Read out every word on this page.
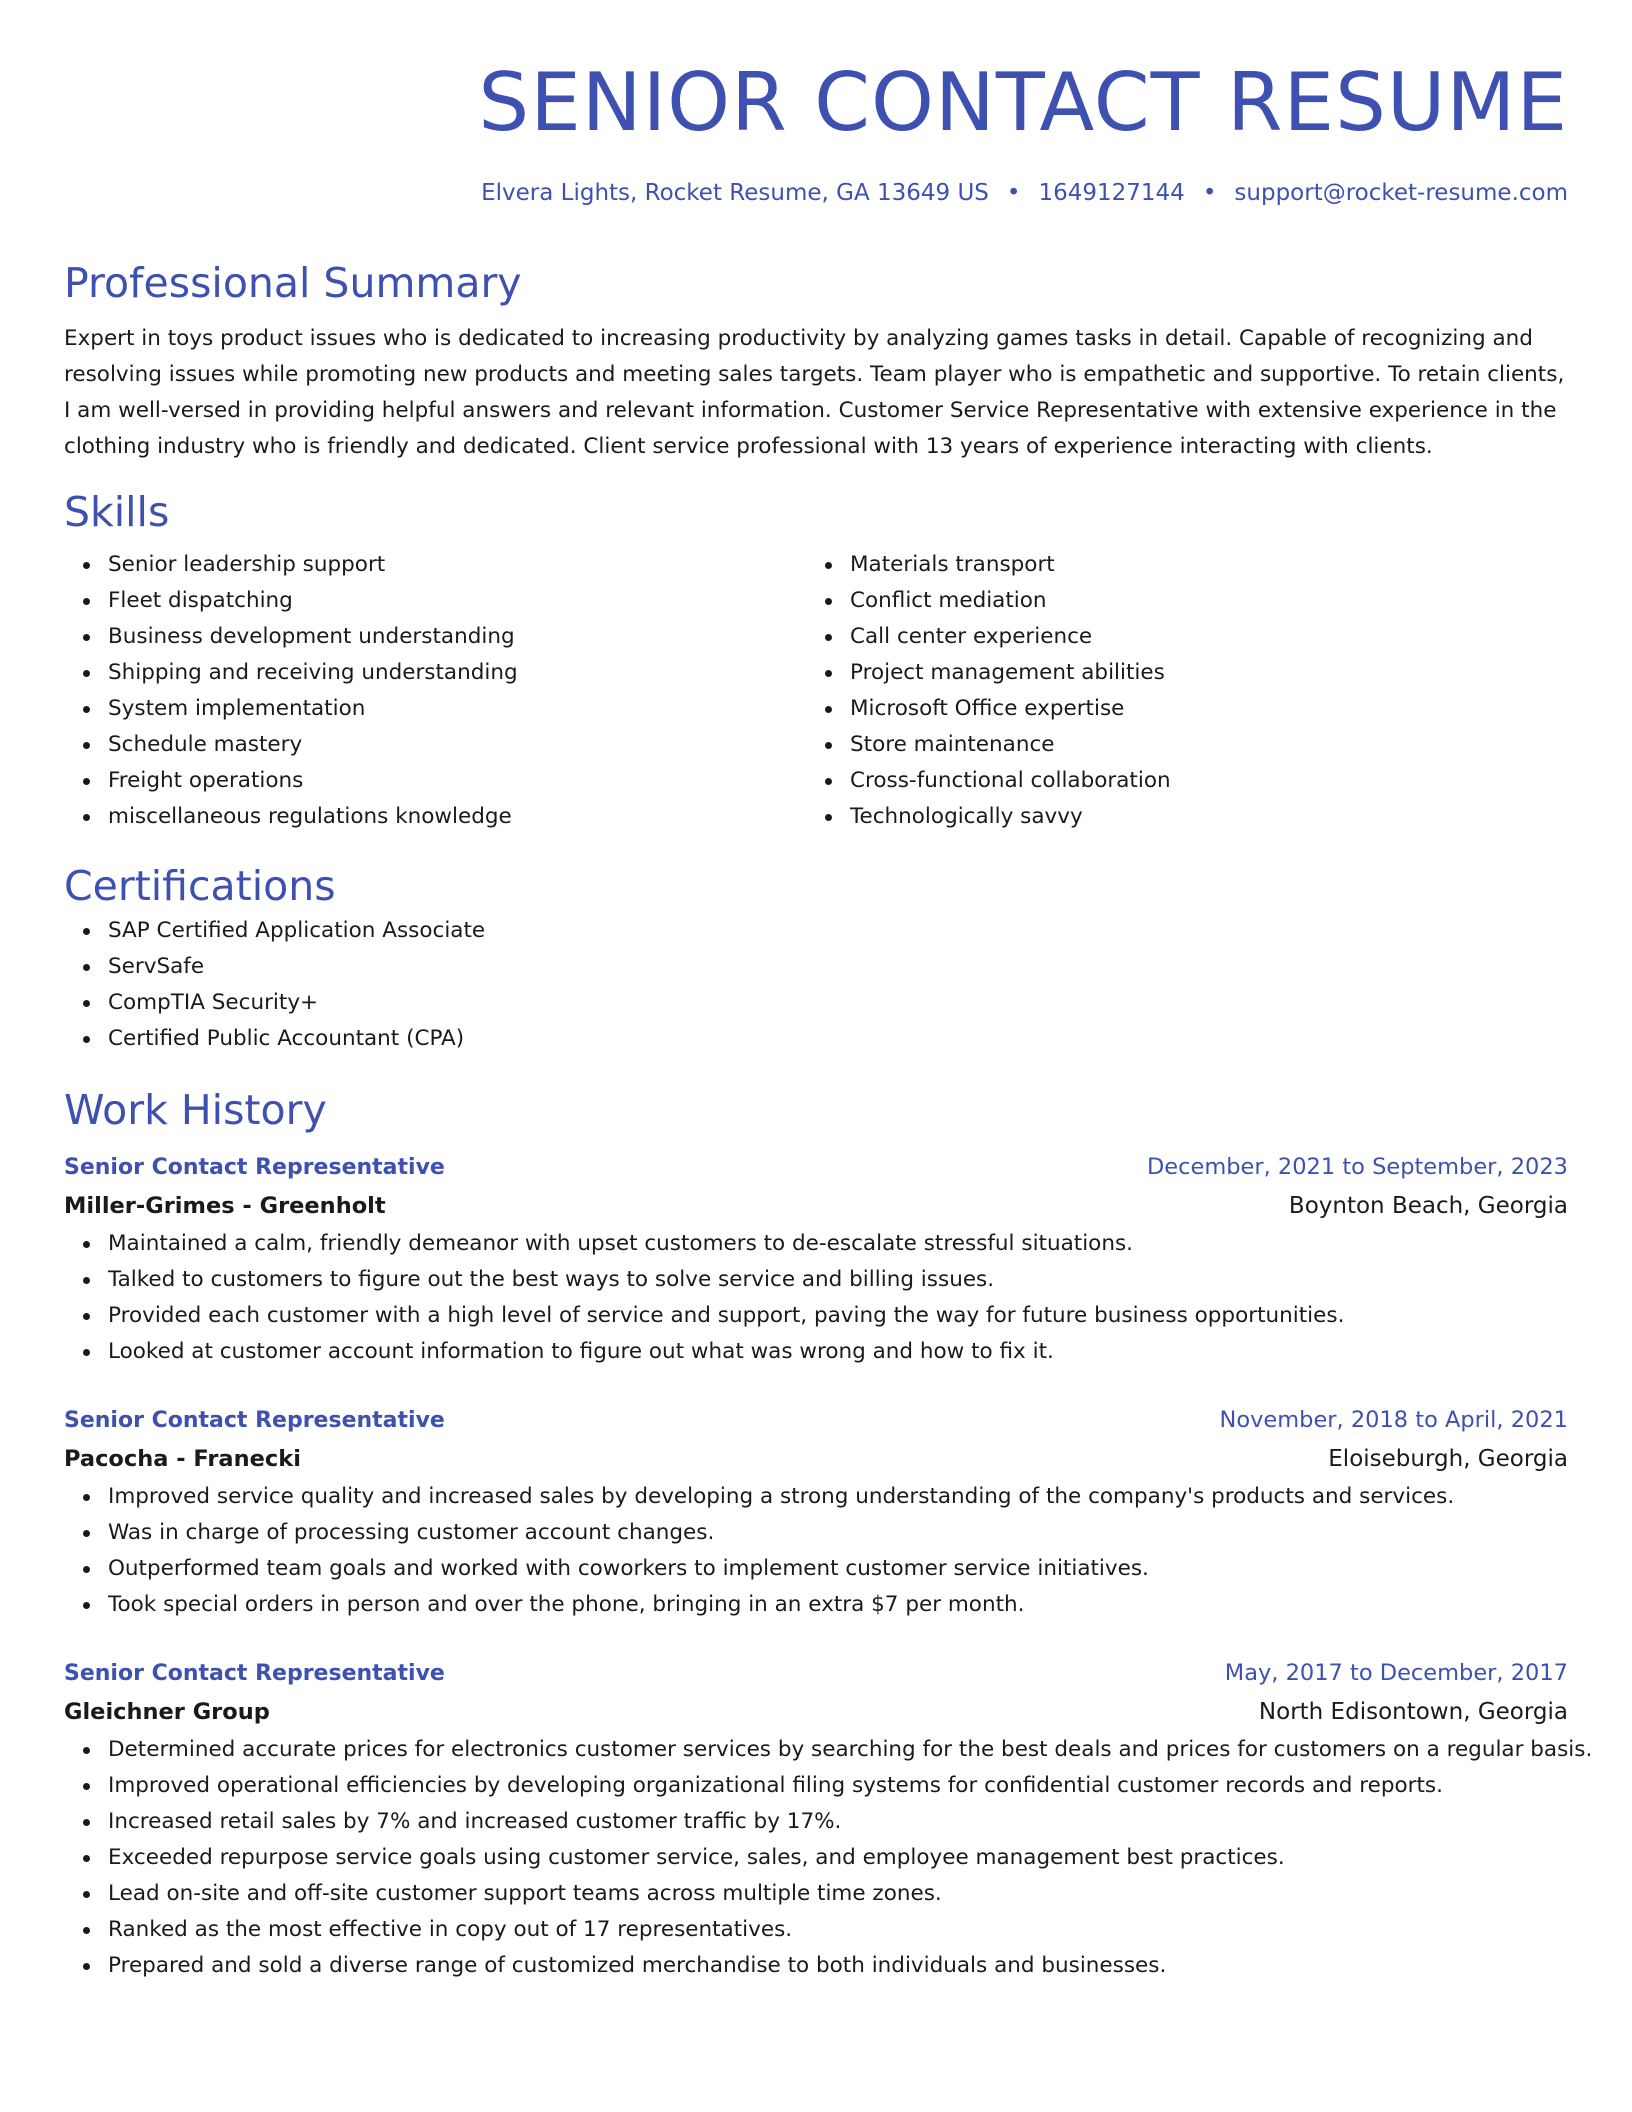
SENIOR CONTACT RESUME
Elvera Lights, Rocket Resume, GA 13649 US • 1649127144 • support@rocket-resume.com
Professional Summary

Expert in toys product issues who is dedicated to increasing productivity by analyzing games tasks in detail. Capable of recognizing and resolving issues while promoting new products and meeting sales targets. Team player who is empathetic and supportive. To retain clients, I am well-versed in providing helpful answers and relevant information. Customer Service Representative with extensive experience in the clothing industry who is friendly and dedicated. Client service professional with 13 years of experience interacting with clients.

Skills
Senior leadership support
Fleet dispatching
Business development understanding
Shipping and receiving understanding
System implementation
Schedule mastery
Freight operations
miscellaneous regulations knowledge
Materials transport
Conflict mediation
Call center experience
Project management abilities
Microsoft Office expertise
Store maintenance
Cross-functional collaboration
Technologically savvy
Certifications
SAP Certified Application Associate
ServSafe
CompTIA Security+
Certified Public Accountant (CPA)
Work History
Senior Contact Representative	December, 2021 to September, 2023
Miller-Grimes - Greenholt	Boynton Beach, Georgia
Maintained a calm, friendly demeanor with upset customers to de-escalate stressful situations.
Talked to customers to figure out the best ways to solve service and billing issues.
Provided each customer with a high level of service and support, paving the way for future business opportunities.
Looked at customer account information to figure out what was wrong and how to fix it.
Senior Contact Representative	November, 2018 to April, 2021
Pacocha - Franecki	Eloiseburgh, Georgia
Improved service quality and increased sales by developing a strong understanding of the company's products and services.
Was in charge of processing customer account changes.
Outperformed team goals and worked with coworkers to implement customer service initiatives.
Took special orders in person and over the phone, bringing in an extra $7 per month.
Senior Contact Representative	May, 2017 to December, 2017
Gleichner Group	North Edisontown, Georgia
Determined accurate prices for electronics customer services by searching for the best deals and prices for customers on a regular basis.
Improved operational efficiencies by developing organizational filing systems for confidential customer records and reports.
Increased retail sales by 7% and increased customer traffic by 17%.
Exceeded repurpose service goals using customer service, sales, and employee management best practices.
Lead on-site and off-site customer support teams across multiple time zones.
Ranked as the most effective in copy out of 17 representatives.
Prepared and sold a diverse range of customized merchandise to both individuals and businesses.
